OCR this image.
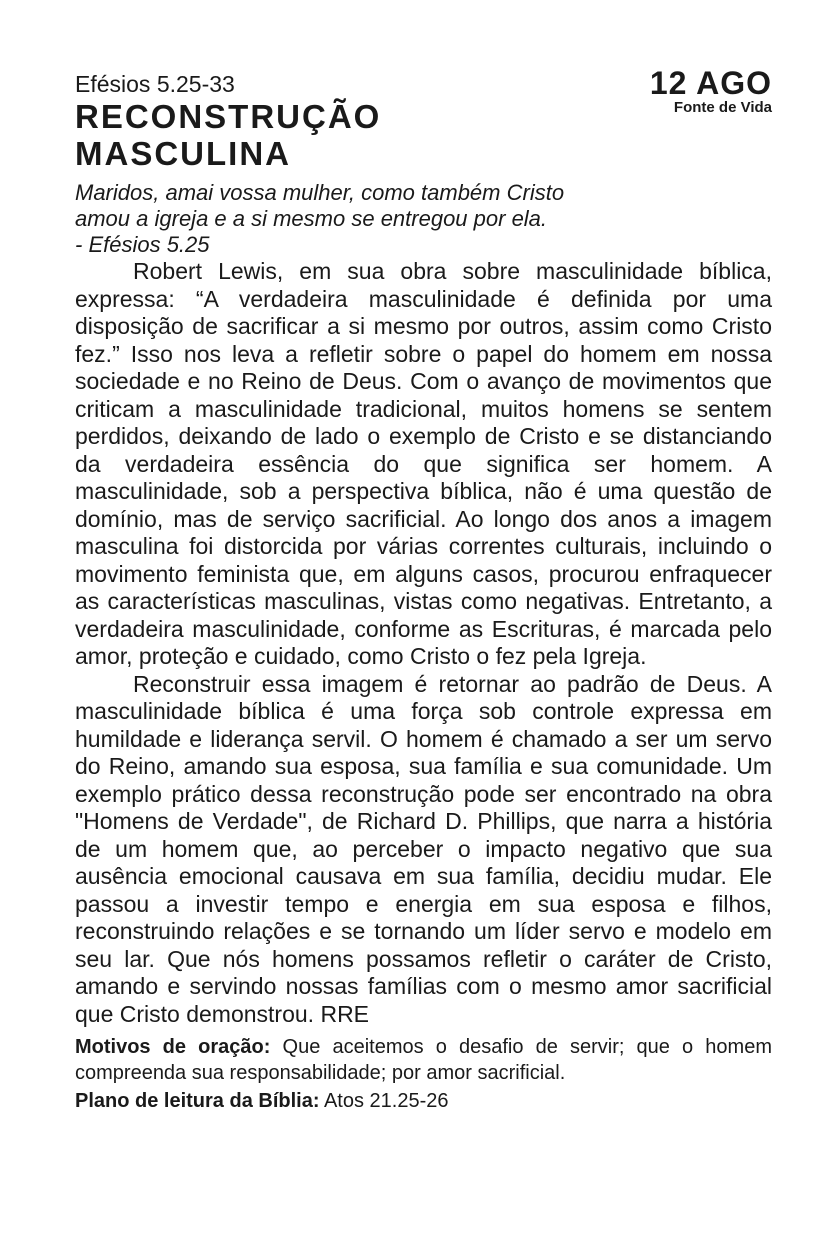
Efésios 5.25-33
RECONSTRUÇÃO
MASCULINA
12 AGO
Fonte de Vida
Maridos, amai vossa mulher, como também Cristo
amou a igreja e a si mesmo se entregou por ela.
- Efésios 5.25

Robert Lewis, em sua obra sobre masculinidade bíblica, expressa: “A verdadeira masculinidade é definida por uma disposição de sacrificar a si mesmo por outros, assim como Cristo fez.” Isso nos leva a refletir sobre o papel do homem em nossa sociedade e no Reino de Deus. Com o avanço de movimentos que criticam a masculinidade tradicional, muitos homens se sentem perdidos, deixando de lado o exemplo de Cristo e se distanciando da verdadeira essência do que significa ser homem. A masculinidade, sob a perspectiva bíblica, não é uma questão de domínio, mas de serviço sacrificial. Ao longo dos anos a imagem masculina foi distorcida por várias correntes culturais, incluindo o movimento feminista que, em alguns casos, procurou enfraquecer as características masculinas, vistas como negativas. Entretanto, a verdadeira masculinidade, conforme as Escrituras, é marcada pelo amor, proteção e cuidado, como Cristo o fez pela Igreja.

Reconstruir essa imagem é retornar ao padrão de Deus. A masculinidade bíblica é uma força sob controle expressa em humildade e liderança servil. O homem é chamado a ser um servo do Reino, amando sua esposa, sua família e sua comunidade. Um exemplo prático dessa reconstrução pode ser encontrado na obra "Homens de Verdade", de Richard D. Phillips, que narra a história de um homem que, ao perceber o impacto negativo que sua ausência emocional causava em sua família, decidiu mudar. Ele passou a investir tempo e energia em sua esposa e filhos, reconstruindo relações e se tornando um líder servo e modelo em seu lar. Que nós homens possamos refletir o caráter de Cristo, amando e servindo nossas famílias com o mesmo amor sacrificial que Cristo demonstrou. RRE

Motivos de oração: Que aceitemos o desafio de servir; que o homem compreenda sua responsabilidade; por amor sacrificial.
Plano de leitura da Bíblia: Atos 21.25-26
